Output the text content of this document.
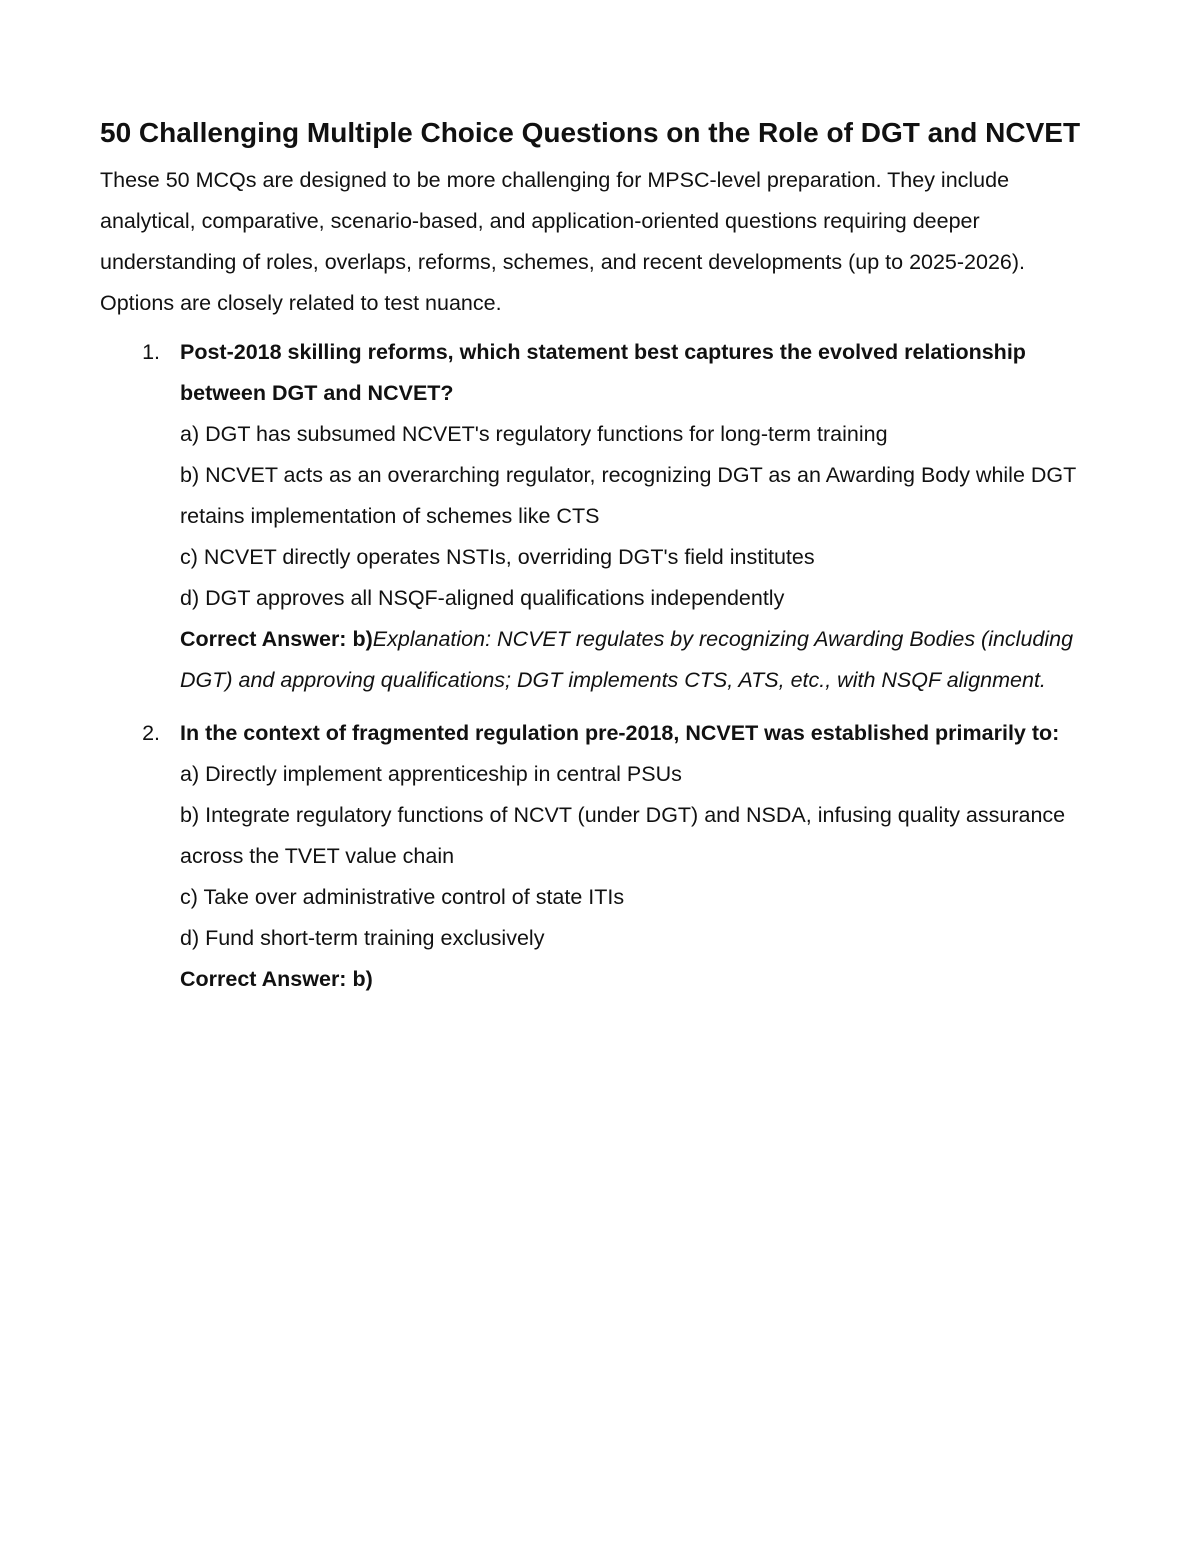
50 Challenging Multiple Choice Questions on the Role of DGT and NCVET

These 50 MCQs are designed to be more challenging for MPSC-level preparation. They include analytical, comparative, scenario-based, and application-oriented questions requiring deeper understanding of roles, overlaps, reforms, schemes, and recent developments (up to 2025-2026). Options are closely related to test nuance.

1. Post-2018 skilling reforms, which statement best captures the evolved relationship between DGT and NCVET?
a) DGT has subsumed NCVET's regulatory functions for long-term training
b) NCVET acts as an overarching regulator, recognizing DGT as an Awarding Body while DGT retains implementation of schemes like CTS
c) NCVET directly operates NSTIs, overriding DGT's field institutes
d) DGT approves all NSQF-aligned qualifications independently
Correct Answer: b)Explanation: NCVET regulates by recognizing Awarding Bodies (including DGT) and approving qualifications; DGT implements CTS, ATS, etc., with NSQF alignment.
2. In the context of fragmented regulation pre-2018, NCVET was established primarily to:
a) Directly implement apprenticeship in central PSUs
b) Integrate regulatory functions of NCVT (under DGT) and NSDA, infusing quality assurance across the TVET value chain
c) Take over administrative control of state ITIs
d) Fund short-term training exclusively
Correct Answer: b)
